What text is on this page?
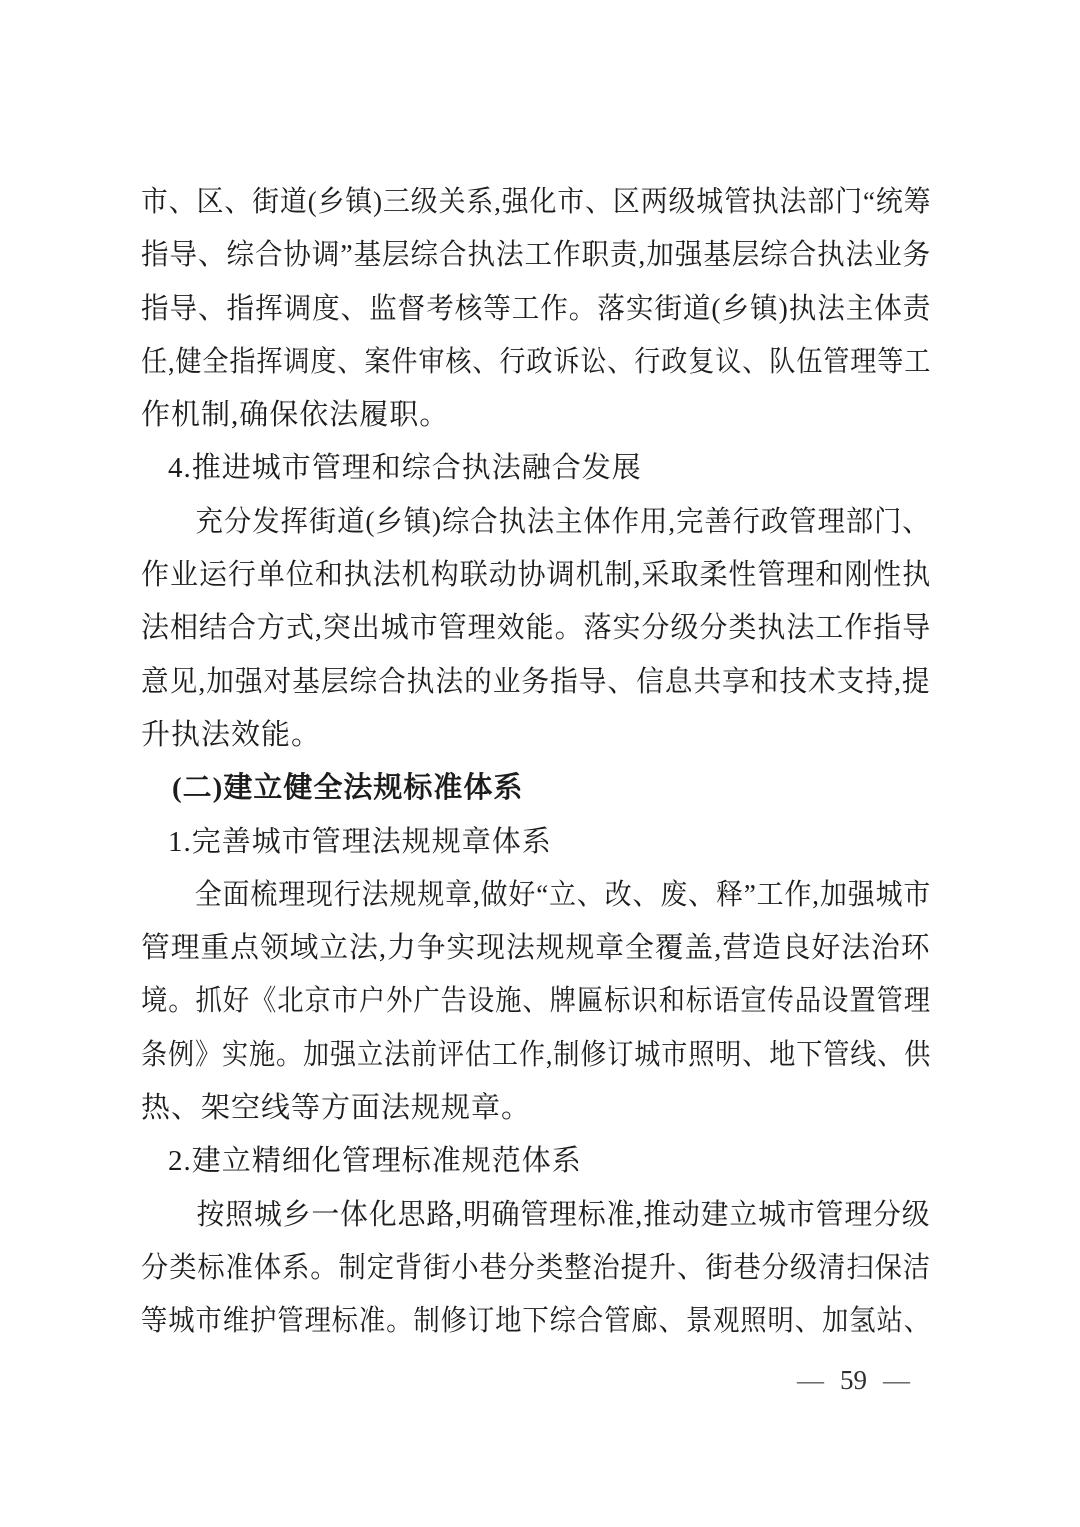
市、区、街道(乡镇)三级关系,强化市、区两级城管执法部门“统筹
指导、综合协调”基层综合执法工作职责,加强基层综合执法业务
指导、指挥调度、监督考核等工作。落实街道(乡镇)执法主体责
任,健全指挥调度、案件审核、行政诉讼、行政复议、队伍管理等工
作机制,确保依法履职。
4.推进城市管理和综合执法融合发展
充分发挥街道(乡镇)综合执法主体作用,完善行政管理部门、
作业运行单位和执法机构联动协调机制,采取柔性管理和刚性执
法相结合方式,突出城市管理效能。落实分级分类执法工作指导
意见,加强对基层综合执法的业务指导、信息共享和技术支持,提
升执法效能。
(二)建立健全法规标准体系
1.完善城市管理法规规章体系
全面梳理现行法规规章,做好“立、改、废、释”工作,加强城市
管理重点领域立法,力争实现法规规章全覆盖,营造良好法治环
境。抓好《北京市户外广告设施、牌匾标识和标语宣传品设置管理
条例》实施。加强立法前评估工作,制修订城市照明、地下管线、供
热、架空线等方面法规规章。
2.建立精细化管理标准规范体系
按照城乡一体化思路,明确管理标准,推动建立城市管理分级
分类标准体系。制定背街小巷分类整治提升、街巷分级清扫保洁
等城市维护管理标准。制修订地下综合管廊、景观照明、加氢站、
— 59 —
